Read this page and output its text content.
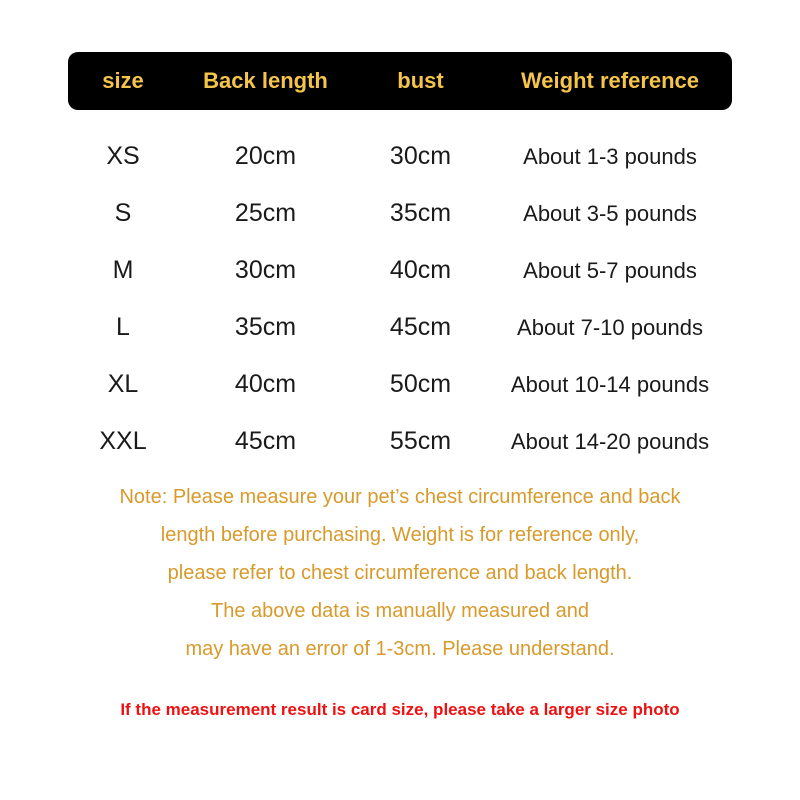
size	Back length	bust	Weight reference
XS	20cm	30cm	About 1-3 pounds
S	25cm	35cm	About 3-5 pounds
M	30cm	40cm	About 5-7 pounds
L	35cm	45cm	About 7-10 pounds
XL	40cm	50cm	About 10-14 pounds
XXL	45cm	55cm	About 14-20 pounds
Note: Please measure your pet’s chest circumference and back
length before purchasing. Weight is for reference only,
please refer to chest circumference and back length.
The above data is manually measured and
may have an error of 1-3cm. Please understand.
If the measurement result is card size, please take a larger size photo
